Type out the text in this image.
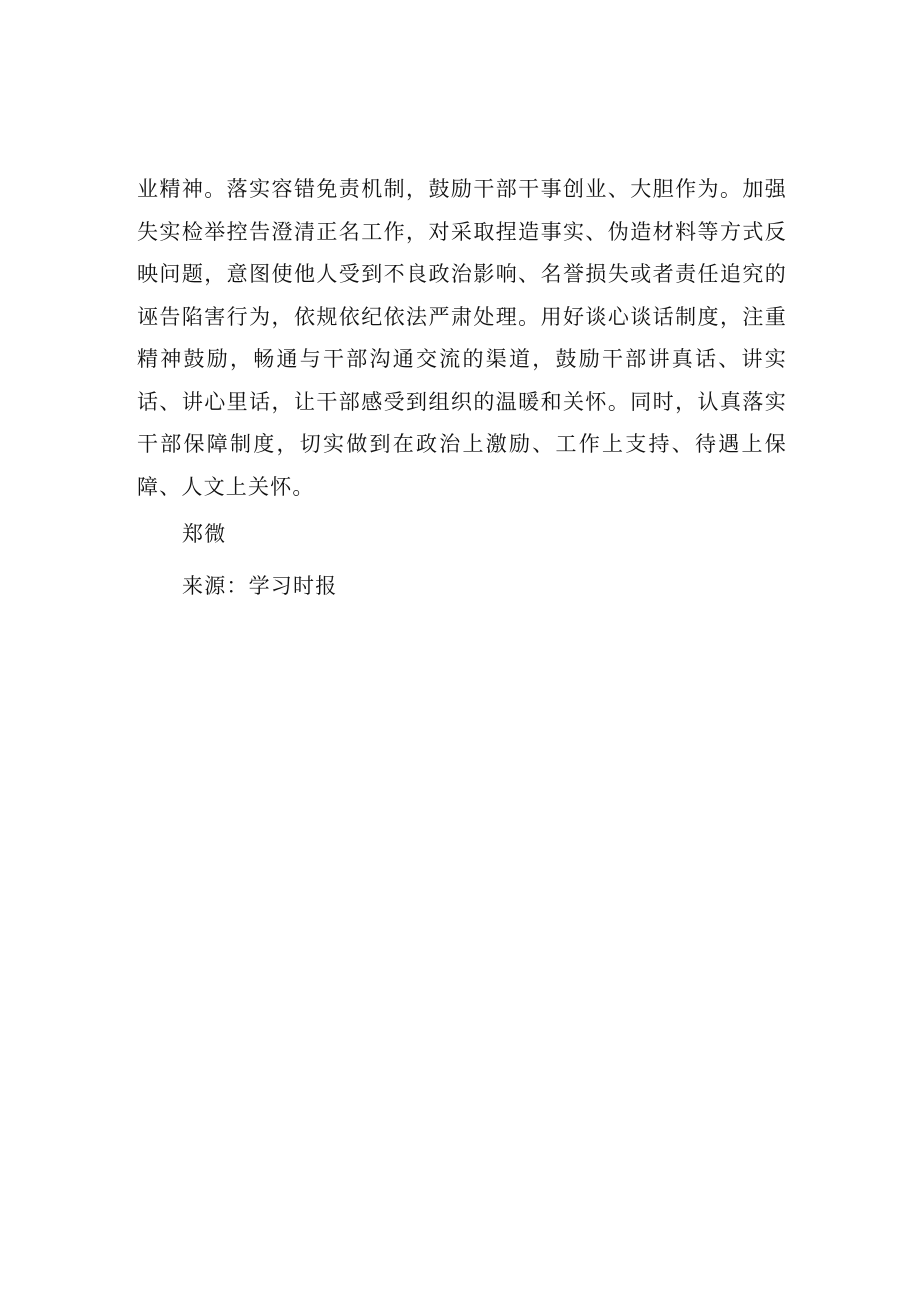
业精神。落实容错免责机制，鼓励干部干事创业、大胆作为。加强失实检举控告澄清正名工作，对采取捏造事实、伪造材料等方式反映问题，意图使他人受到不良政治影响、名誉损失或者责任追究的诬告陷害行为，依规依纪依法严肃处理。用好谈心谈话制度，注重精神鼓励，畅通与干部沟通交流的渠道，鼓励干部讲真话、讲实话、讲心里话，让干部感受到组织的温暖和关怀。同时，认真落实干部保障制度，切实做到在政治上激励、工作上支持、待遇上保障、人文上关怀。

郑微

来源：学习时报
